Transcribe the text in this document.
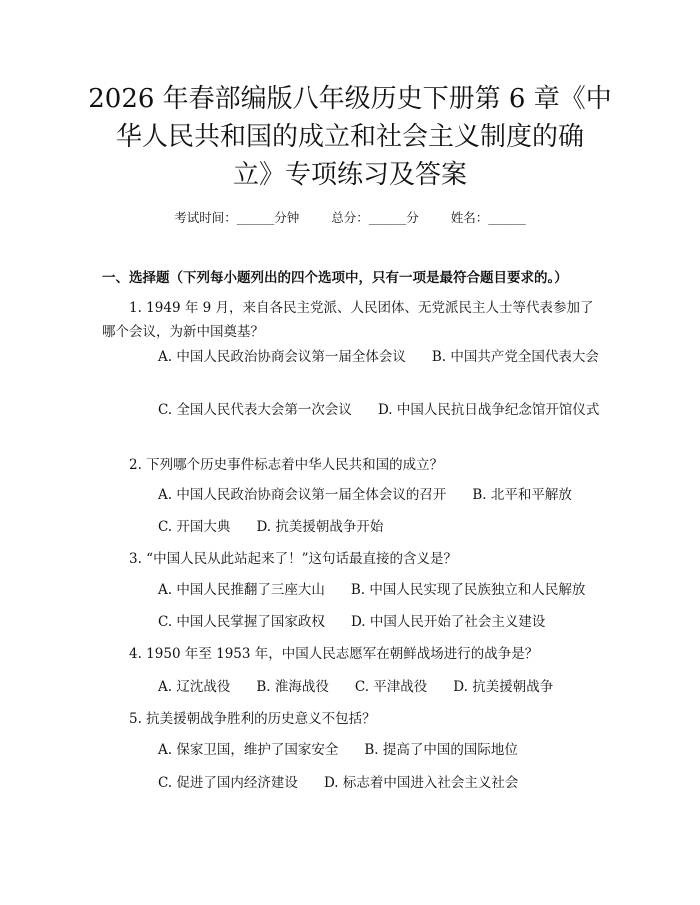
2026 年春部编版八年级历史下册第 6 章《中
华人民共和国的成立和社会主义制度的确
立》专项练习及答案
考试时间：______分钟	总分：______分	姓名：______
一、选择题（下列每小题列出的四个选项中，只有一项是最符合题目要求的。）
1. 1949 年 9 月，来自各民主党派、人民团体、无党派民主人士等代表参加了哪个会议，为新中国奠基？
A. 中国人民政治协商会议第一届全体会议 B. 中国共产党全国代表大会
C. 全国人民代表大会第一次会议 D. 中国人民抗日战争纪念馆开馆仪式
2. 下列哪个历史事件标志着中华人民共和国的成立？
A. 中国人民政治协商会议第一届全体会议的召开 B. 北平和平解放
C. 开国大典 D. 抗美援朝战争开始
3. “中国人民从此站起来了！”这句话最直接的含义是？
A. 中国人民推翻了三座大山 B. 中国人民实现了民族独立和人民解放
C. 中国人民掌握了国家政权 D. 中国人民开始了社会主义建设
4. 1950 年至 1953 年，中国人民志愿军在朝鲜战场进行的战争是？
A. 辽沈战役 B. 淮海战役 C. 平津战役 D. 抗美援朝战争
5. 抗美援朝战争胜利的历史意义不包括？
A. 保家卫国，维护了国家安全 B. 提高了中国的国际地位
C. 促进了国内经济建设 D. 标志着中国进入社会主义社会
